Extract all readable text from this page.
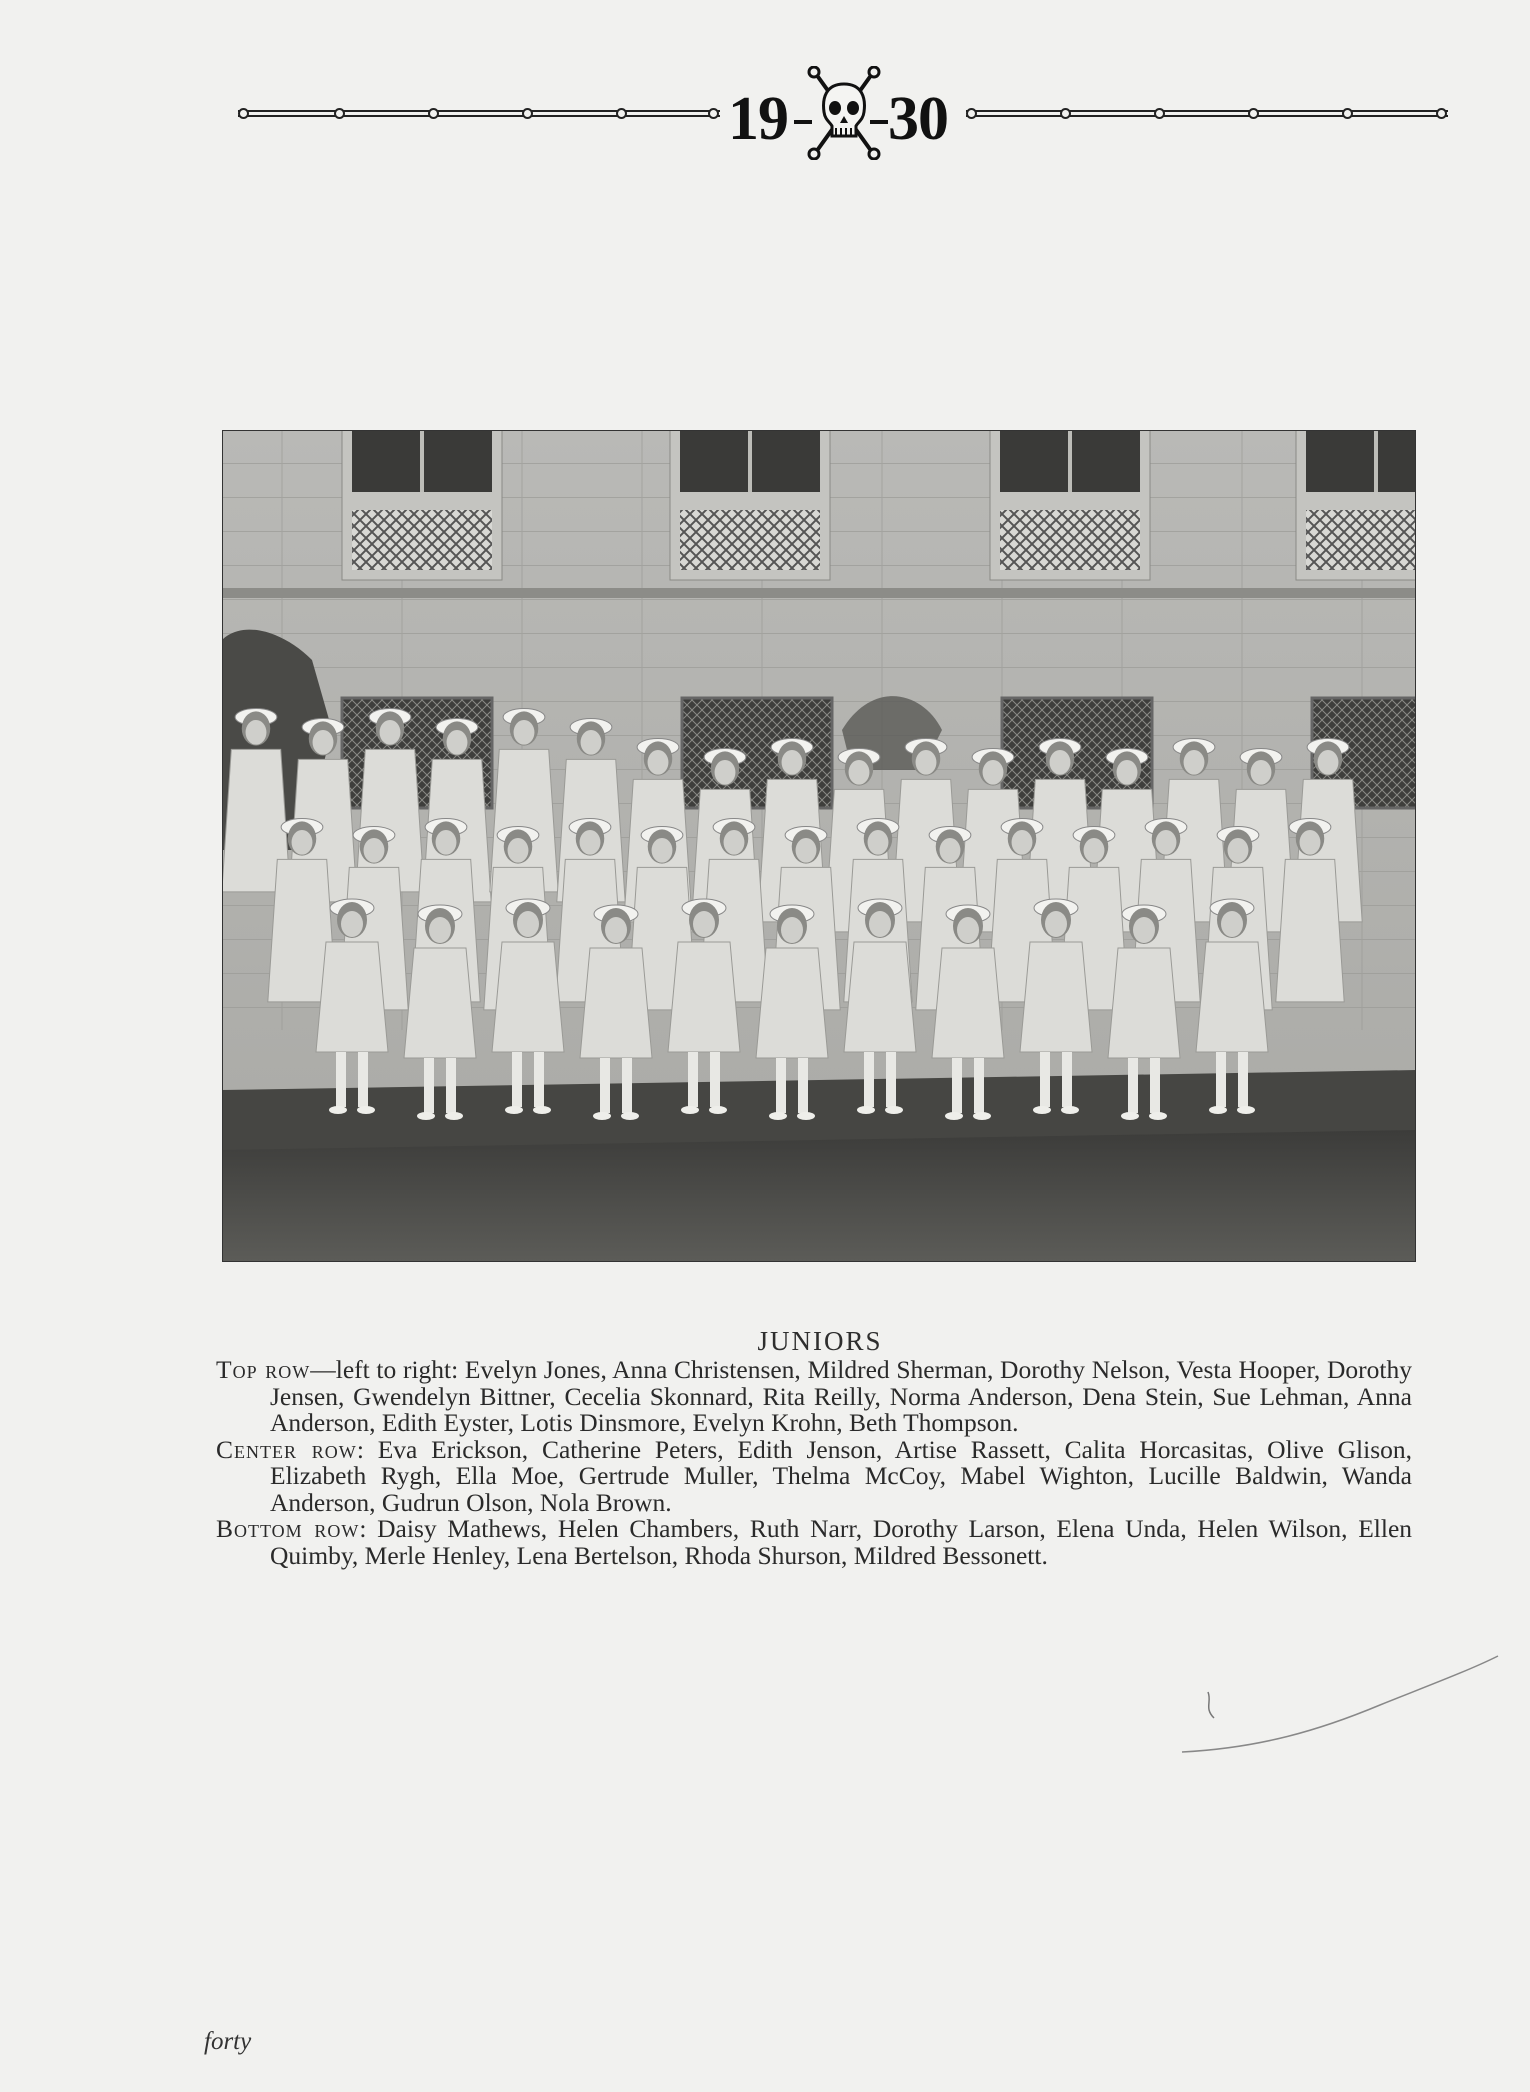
19 30
JUNIORS

Top row—left to right: Evelyn Jones, Anna Christensen, Mildred Sherman, Dorothy Nelson, Vesta Hooper, Dorothy Jensen, Gwendelyn Bittner, Cecelia Skonnard, Rita Reilly, Norma Anderson, Dena Stein, Sue Lehman, Anna Anderson, Edith Eyster, Lotis Dinsmore, Evelyn Krohn, Beth Thompson.

Center row: Eva Erickson, Catherine Peters, Edith Jenson, Artise Rassett, Calita Horcasitas, Olive Glison, Elizabeth Rygh, Ella Moe, Gertrude Muller, Thelma McCoy, Mabel Wighton, Lucille Baldwin, Wanda Anderson, Gudrun Olson, Nola Brown.

Bottom row: Daisy Mathews, Helen Chambers, Ruth Narr, Dorothy Larson, Elena Unda, Helen Wilson, Ellen Quimby, Merle Henley, Lena Bertelson, Rhoda Shurson, Mildred Bessonett.

forty
